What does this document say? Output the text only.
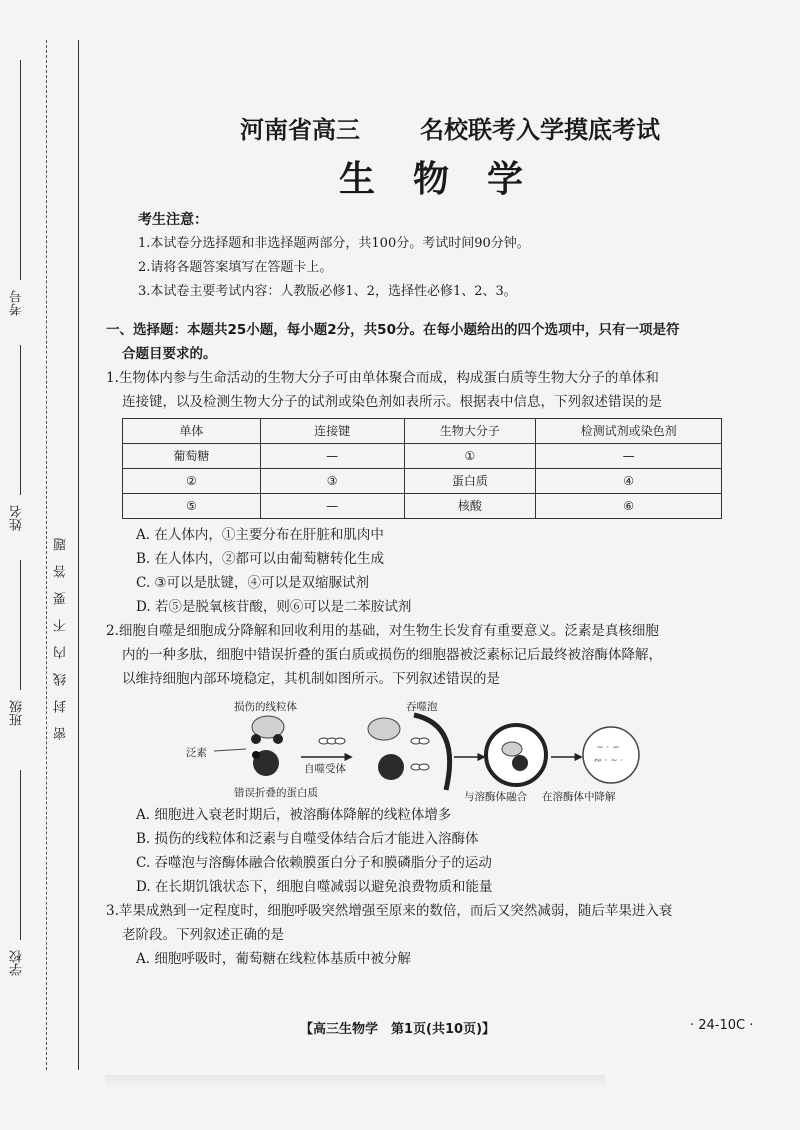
考号
姓名
班级
学校
密封线内不要答题
河南省高三	名校联考入学摸底考试
生物学
考生注意：
1.本试卷分选择题和非选择题两部分，共100分。考试时间90分钟。
2.请将各题答案填写在答题卡上。
3.本试卷主要考试内容：人教版必修1、2，选择性必修1、2、3。
一、选择题：本题共25小题，每小题2分，共50分。在每小题给出的四个选项中，只有一项是符
合题目要求的。
1.生物体内参与生命活动的生物大分子可由单体聚合而成，构成蛋白质等生物大分子的单体和
连接键，以及检测生物大分子的试剂或染色剂如表所示。根据表中信息，下列叙述错误的是
单体	连接键	生物大分子	检测试剂或染色剂
葡萄糖	—	①	—
②	③	蛋白质	④
⑤	—	核酸	⑥
A. 在人体内，①主要分布在肝脏和肌肉中
B. 在人体内，②都可以由葡萄糖转化生成
C. ③可以是肽键，④可以是双缩脲试剂
D. 若⑤是脱氧核苷酸，则⑥可以是二苯胺试剂
2.细胞自噬是细胞成分降解和回收利用的基础，对生物生长发育有重要意义。泛素是真核细胞
内的一种多肽，细胞中错误折叠的蛋白质或损伤的细胞器被泛素标记后最终被溶酶体降解，
以维持细胞内部环境稳定，其机制如图所示。下列叙述错误的是
~ · ∽
∾ · ~ ·
损伤的线粒体
泛素
自噬受体
错误折叠的蛋白质
吞噬泡
与溶酶体融合 在溶酶体中降解
A. 细胞进入衰老时期后，被溶酶体降解的线粒体增多
B. 损伤的线粒体和泛素与自噬受体结合后才能进入溶酶体
C. 吞噬泡与溶酶体融合依赖膜蛋白分子和膜磷脂分子的运动
D. 在长期饥饿状态下，细胞自噬减弱以避免浪费物质和能量
3.苹果成熟到一定程度时，细胞呼吸突然增强至原来的数倍，而后又突然减弱，随后苹果进入衰
老阶段。下列叙述正确的是
A. 细胞呼吸时，葡萄糖在线粒体基质中被分解
【高三生物学　第1页(共10页)】	· 24-10C ·
